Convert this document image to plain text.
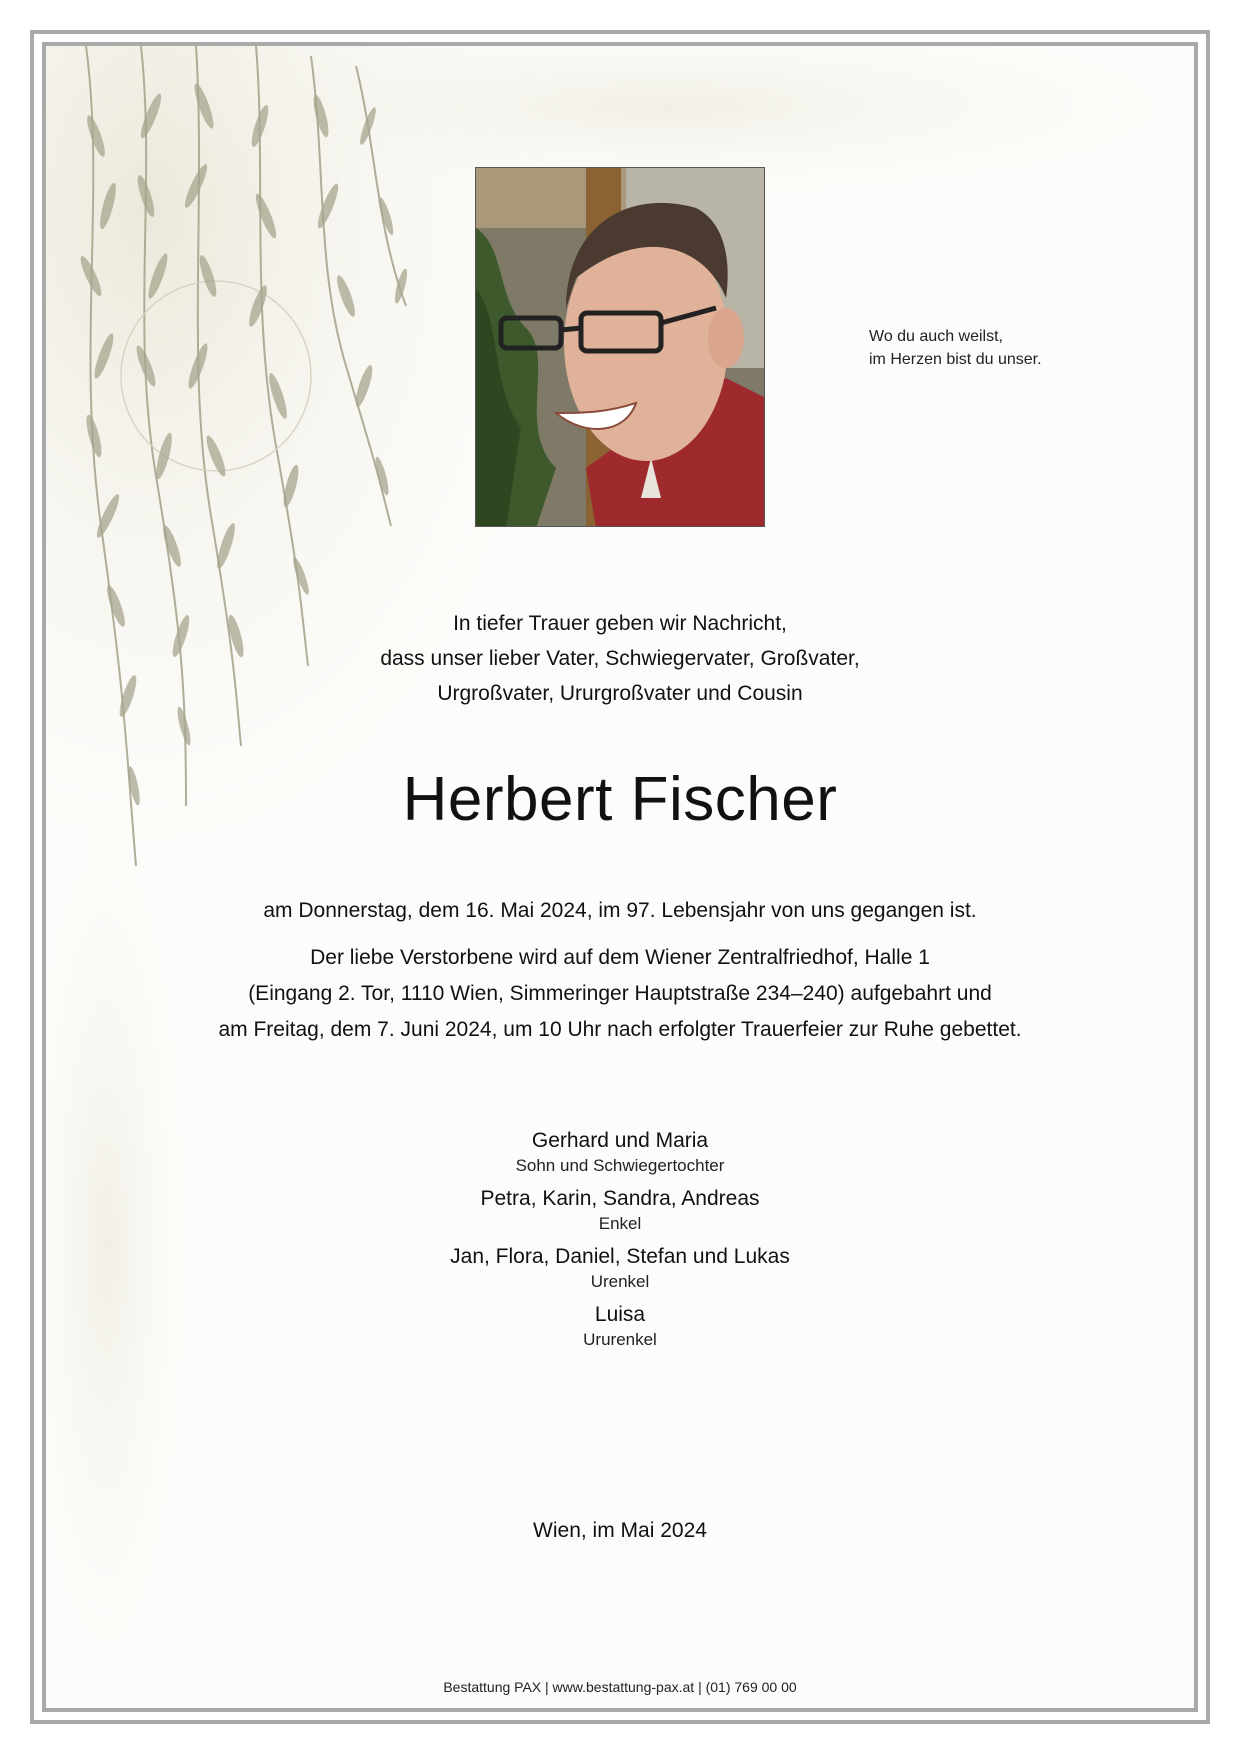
Wo du auch weilst,
im Herzen bist du unser.
In tiefer Trauer geben wir Nachricht,
dass unser lieber Vater, Schwiegervater, Großvater,
Urgroßvater, Ururgroßvater und Cousin
Herbert Fischer
am Donnerstag, dem 16. Mai 2024, im 97. Lebensjahr von uns gegangen ist.
Der liebe Verstorbene wird auf dem Wiener Zentralfriedhof, Halle 1
(Eingang 2. Tor, 1110 Wien, Simmeringer Hauptstraße 234–240) aufgebahrt und
am Freitag, dem 7. Juni 2024, um 10 Uhr nach erfolgter Trauerfeier zur Ruhe gebettet.
Gerhard und Maria
Sohn und Schwiegertochter
Petra, Karin, Sandra, Andreas
Enkel
Jan, Flora, Daniel, Stefan und Lukas
Urenkel
Luisa
Ururenkel
Wien, im Mai 2024
Bestattung PAX | www.bestattung-pax.at | (01) 769 00 00
